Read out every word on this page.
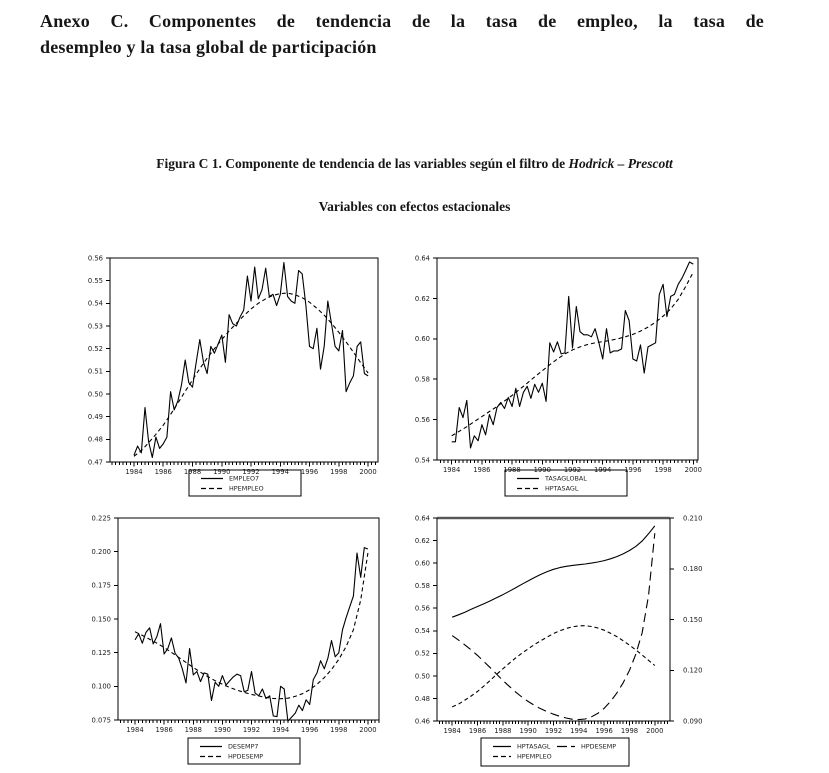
Anexo C. Componentes de tendencia de la tasa de empleo, la tasa de
desempleo y la tasa global de participación
Figura C 1. Componente de tendencia de las variables según el filtro de Hodrick – Prescott
Variables con efectos estacionales
0.56
0.55
0.54
0.53
0.52
0.51
0.50
0.49
0.48
0.47
1984 1986 1988 1990 1992 1994 1996 1998 2000
EMPLEO7
HPEMPLEO
0.64
0.62
0.60
0.58
0.56
0.54
1984 1986 1988 1990 1992 1994 1996 1998 2000
TASAGLOBAL
HPTASAGL
0.225
0.200
0.175
0.150
0.125
0.100
0.075
1984 1986 1988 1990 1992 1994 1996 1998 2000
DESEMP7
HPDESEMP
0.64
0.62
0.60
0.58
0.56
0.54
0.52
0.50
0.48
0.46
0.210
0.180
0.150
0.120
0.090
1984 1986 1988 1990 1992 1994 1996 1998 2000
HPTASAGL
HPEMPLEO
HPDESEMP
